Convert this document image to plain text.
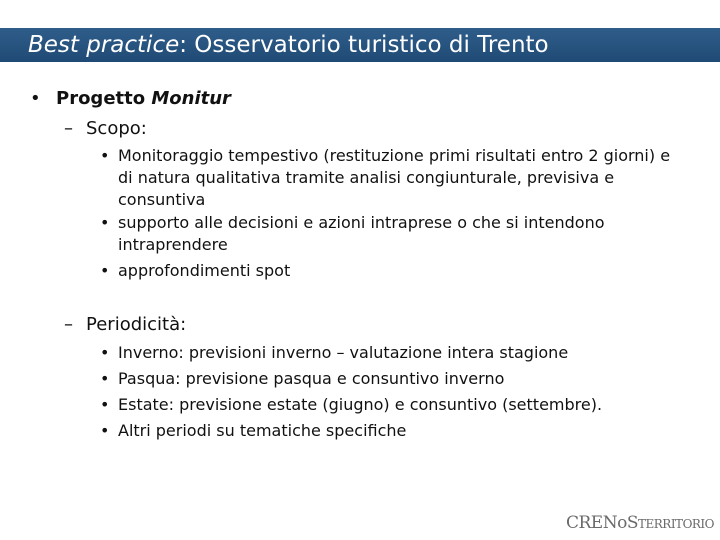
Best practice: Osservatorio turistico di Trento
• Progetto Monitur
– Scopo:
• Monitoraggio tempestivo (restituzione primi risultati entro 2 giorni) e di natura qualitativa tramite analisi congiunturale, previsiva e consuntiva
• supporto alle decisioni e azioni intraprese o che si intendono intraprendere
• approfondimenti spot
– Periodicità:
• Inverno: previsioni inverno – valutazione intera stagione
• Pasqua: previsione pasqua e consuntivo inverno
• Estate: previsione estate (giugno) e consuntivo (settembre).
• Altri periodi su tematiche specifiche
CRENoSTERRITORIO
